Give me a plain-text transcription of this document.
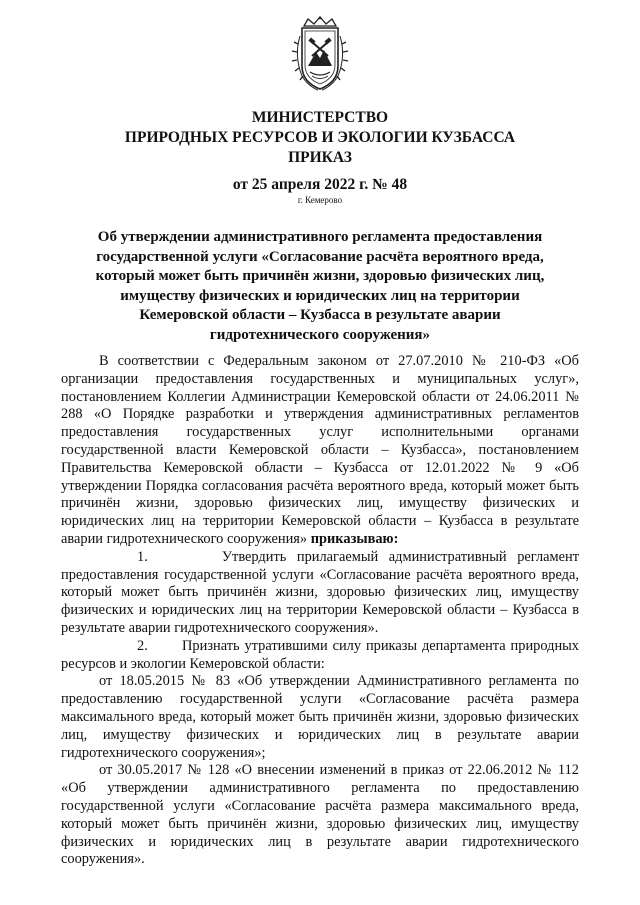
МИНИСТЕРСТВО
ПРИРОДНЫХ РЕСУРСОВ И ЭКОЛОГИИ КУЗБАССА
ПРИКАЗ
от 25 апреля 2022 г. № 48
г. Кемерово
Об утверждении административного регламента предоставления государственной услуги «Согласование расчёта вероятного вреда, который может быть причинён жизни, здоровью физических лиц, имуществу физических и юридических лиц на территории Кемеровской области – Кузбасса в результате аварии гидротехнического сооружения»

В соответствии с Федеральным законом от 27.07.2010 № 210-ФЗ «Об организации предоставления государственных и муниципальных услуг», постановлением Коллегии Администрации Кемеровской области от 24.06.2011 № 288 «О Порядке разработки и утверждения административных регламентов предоставления государственных услуг исполнительными органами государственной власти Кемеровской области – Кузбасса», постановлением Правительства Кемеровской области – Кузбасса от 12.01.2022 № 9 «Об утверждении Порядка согласования расчёта вероятного вреда, который может быть причинён жизни, здоровью физических лиц, имуществу физических и юридических лиц на территории Кемеровской области – Кузбасса в результате аварии гидротехнического сооружения» приказываю:

1.	Утвердить прилагаемый административный регламент предоставления государственной услуги «Согласование расчёта вероятного вреда, который может быть причинён жизни, здоровью физических лиц, имуществу физических и юридических лиц на территории Кемеровской области – Кузбасса в результате аварии гидротехнического сооружения».

2. Признать утратившими силу приказы департамента природных ресурсов и экологии Кемеровской области:

от 18.05.2015 № 83 «Об утверждении Административного регламента по предоставлению государственной услуги «Согласование расчёта размера максимального вреда, который может быть причинён жизни, здоровью физических лиц, имуществу физических и юридических лиц в результате аварии гидротехнического сооружения»;

от 30.05.2017 № 128 «О внесении изменений в приказ от 22.06.2012 № 112 «Об утверждении административного регламента по предоставлению государственной услуги «Согласование расчёта размера максимального вреда, который может быть причинён жизни, здоровью физических лиц, имуществу физических и юридических лиц в результате аварии гидротехнического сооружения».
